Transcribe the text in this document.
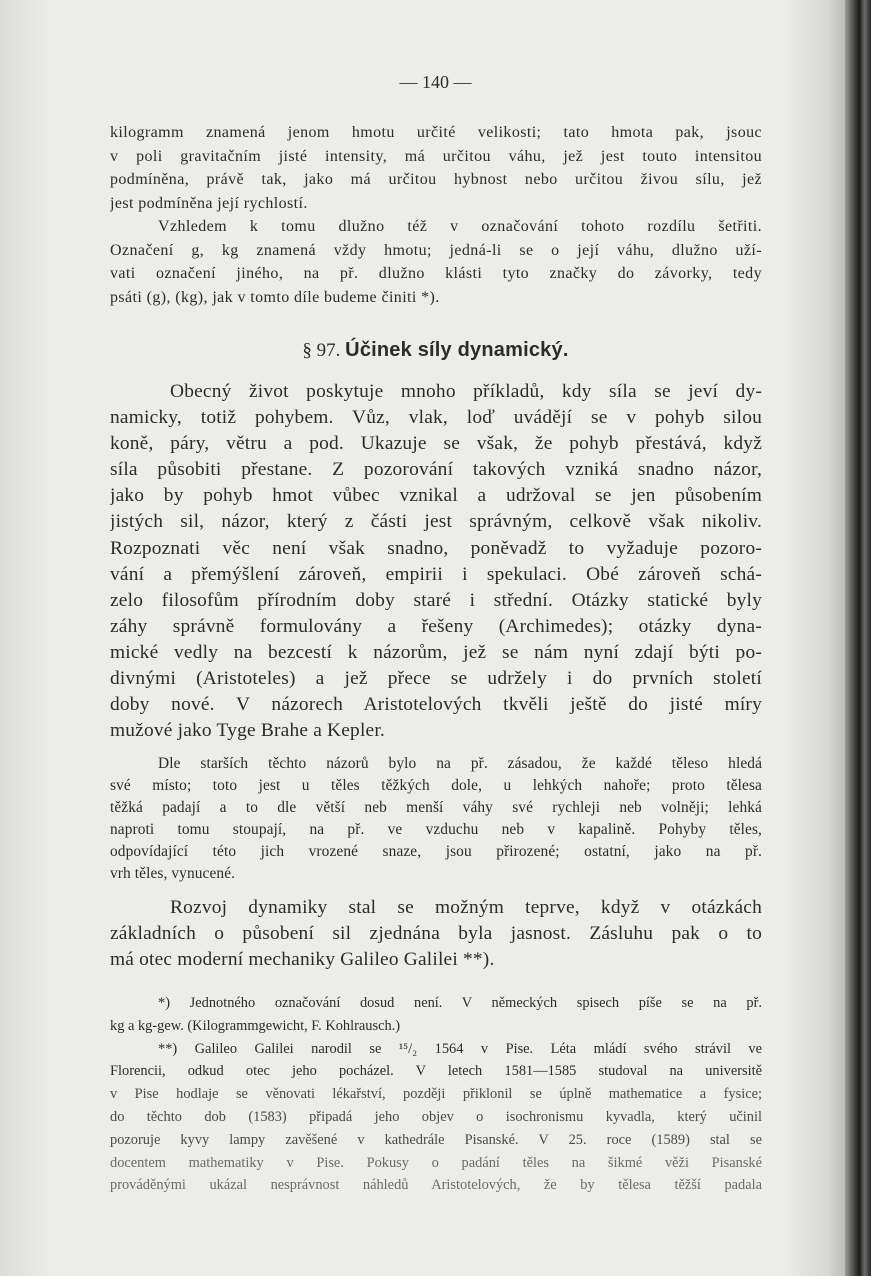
— 140 —
kilogramm znamená jenom hmotu určité velikosti; tato hmota pak, jsouc
v poli gravitačním jisté intensity, má určitou váhu, jež jest touto intensitou
podmíněna, právě tak, jako má určitou hybnost nebo určitou živou sílu, jež
jest podmíněna její rychlostí.
Vzhledem k tomu dlužno též v označování tohoto rozdílu šetřiti.
Označení g, kg znamená vždy hmotu; jedná-li se o její váhu, dlužno uží-
vati označení jiného, na př. dlužno klásti tyto značky do závorky, tedy
psáti (g), (kg), jak v tomto díle budeme činiti *).
§ 97. Účinek síly dynamický.
Obecný život poskytuje mnoho příkladů, kdy síla se jeví dy-
namicky, totiž pohybem. Vůz, vlak, loď uvádějí se v pohyb silou
koně, páry, větru a pod. Ukazuje se však, že pohyb přestává, když
síla působiti přestane. Z pozorování takových vzniká snadno názor,
jako by pohyb hmot vůbec vznikal a udržoval se jen působením
jistých sil, názor, který z části jest správným, celkově však nikoliv.
Rozpoznati věc není však snadno, poněvadž to vyžaduje pozoro-
vání a přemýšlení zároveň, empirii i spekulaci. Obé zároveň schá-
zelo filosofům přírodním doby staré i střední. Otázky statické byly
záhy správně formulovány a řešeny (Archimedes); otázky dyna-
mické vedly na bezcestí k názorům, jež se nám nyní zdají býti po-
divnými (Aristoteles) a jež přece se udržely i do prvních století
doby nové. V názorech Aristotelových tkvěli ještě do jisté míry
mužové jako Tyge Brahe a Kepler.
Dle starších těchto názorů bylo na př. zásadou, že každé těleso hledá
své místo; toto jest u těles těžkých dole, u lehkých nahoře; proto tělesa
těžká padají a to dle větší neb menší váhy své rychleji neb volněji; lehká
naproti tomu stoupají, na př. ve vzduchu neb v kapalině. Pohyby těles,
odpovídající této jich vrozené snaze, jsou přirozené; ostatní, jako na př.
vrh těles, vynucené.
Rozvoj dynamiky stal se možným teprve, když v otázkách
základních o působení sil zjednána byla jasnost. Zásluhu pak o to
má otec moderní mechaniky Galileo Galilei **).
*) Jednotného označování dosud není. V německých spisech píše se na př.
kg a kg-gew. (Kilogrammgewicht, F. Kohlrausch.)
**) Galileo Galilei narodil se ¹⁵/₂ 1564 v Pise. Léta mládí svého strávil ve
Florencii, odkud otec jeho pocházel. V letech 1581—1585 studoval na universitě
v Pise hodlaje se věnovati lékařství, později přiklonil se úplně mathematice a fysice;
do těchto dob (1583) připadá jeho objev o isochronismu kyvadla, který učinil
pozoruje kyvy lampy zavěšené v kathedrále Pisanské. V 25. roce (1589) stal se
docentem mathematiky v Pise. Pokusy o padání těles na šikmé věži Pisanské
prováděnými ukázal nesprávnost náhledů Aristotelových, že by tělesa těžší padala
